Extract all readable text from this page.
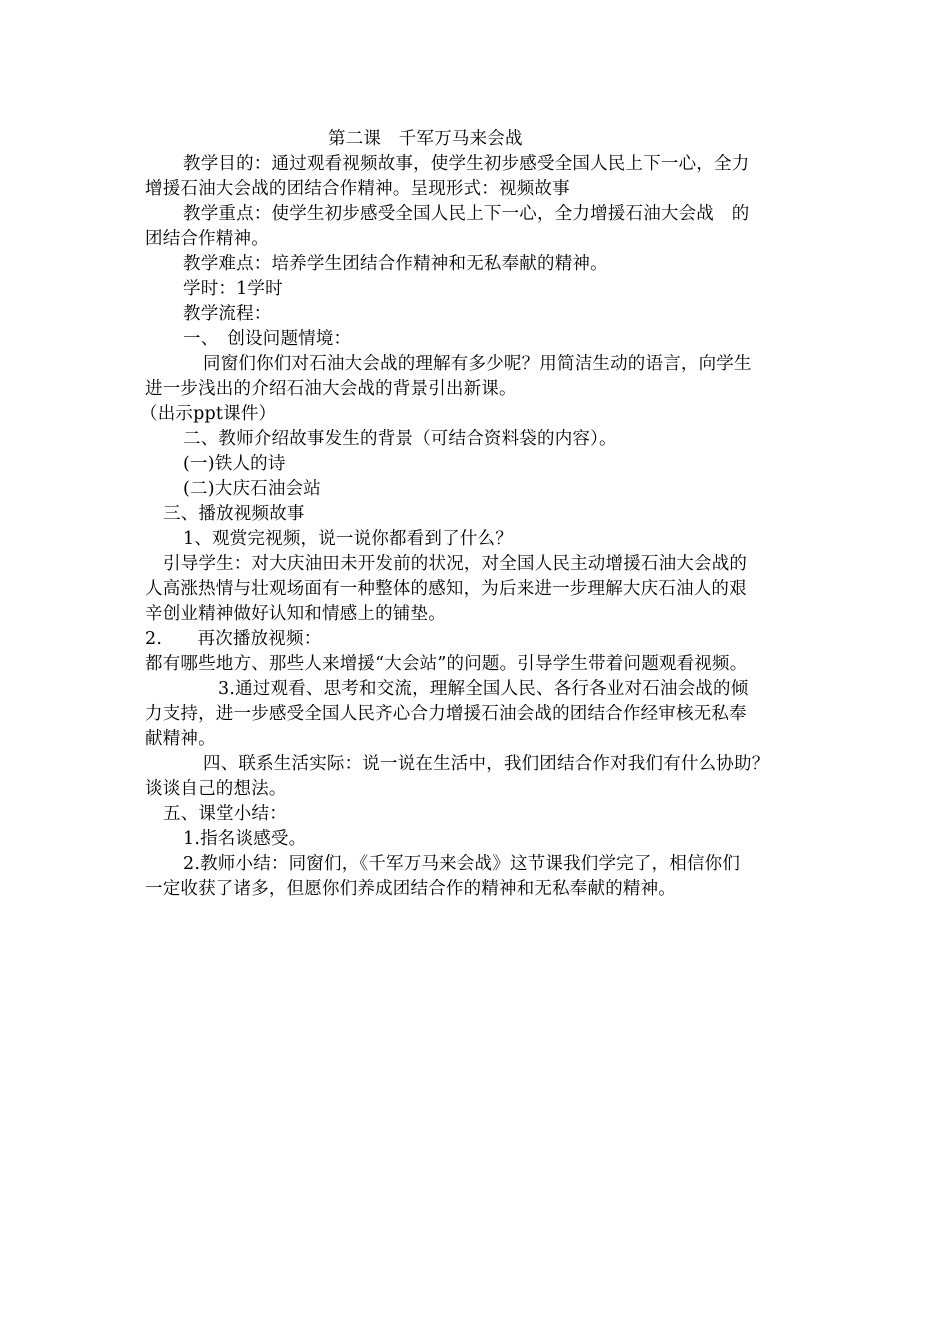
第二课　千军万马来会战
教学目的：通过观看视频故事，使学生初步感受全国人民上下一心，全力
增援石油大会战的团结合作精神。呈现形式：视频故事
教学重点：使学生初步感受全国人民上下一心，全力增援石油大会战　的
团结合作精神。
教学难点：培养学生团结合作精神和无私奉献的精神。
学时：1学时
教学流程：
一、　创设问题情境：
同窗们你们对石油大会战的理解有多少呢？用简洁生动的语言，向学生
进一步浅出的介绍石油大会战的背景引出新课。
（出示ppt课件）
二、教师介绍故事发生的背景（可结合资料袋的内容）。
(一)铁人的诗
(二)大庆石油会站
三、播放视频故事
1、观赏完视频，说一说你都看到了什么？
引导学生：对大庆油田未开发前的状况，对全国人民主动增援石油大会战的
人高涨热情与壮观场面有一种整体的感知，为后来进一步理解大庆石油人的艰
辛创业精神做好认知和情感上的铺垫。
2.　　再次播放视频：
都有哪些地方、那些人来增援“大会站”的问题。引导学生带着问题观看视频。
3.通过观看、思考和交流，理解全国人民、各行各业对石油会战的倾
力支持，进一步感受全国人民齐心合力增援石油会战的团结合作经审核无私奉
献精神。
四、联系生活实际：说一说在生活中，我们团结合作对我们有什么协助？
谈谈自己的想法。
五、课堂小结：
1.指名谈感受。
2.教师小结：同窗们，《千军万马来会战》这节课我们学完了，相信你们
一定收获了诸多，但愿你们养成团结合作的精神和无私奉献的精神。
